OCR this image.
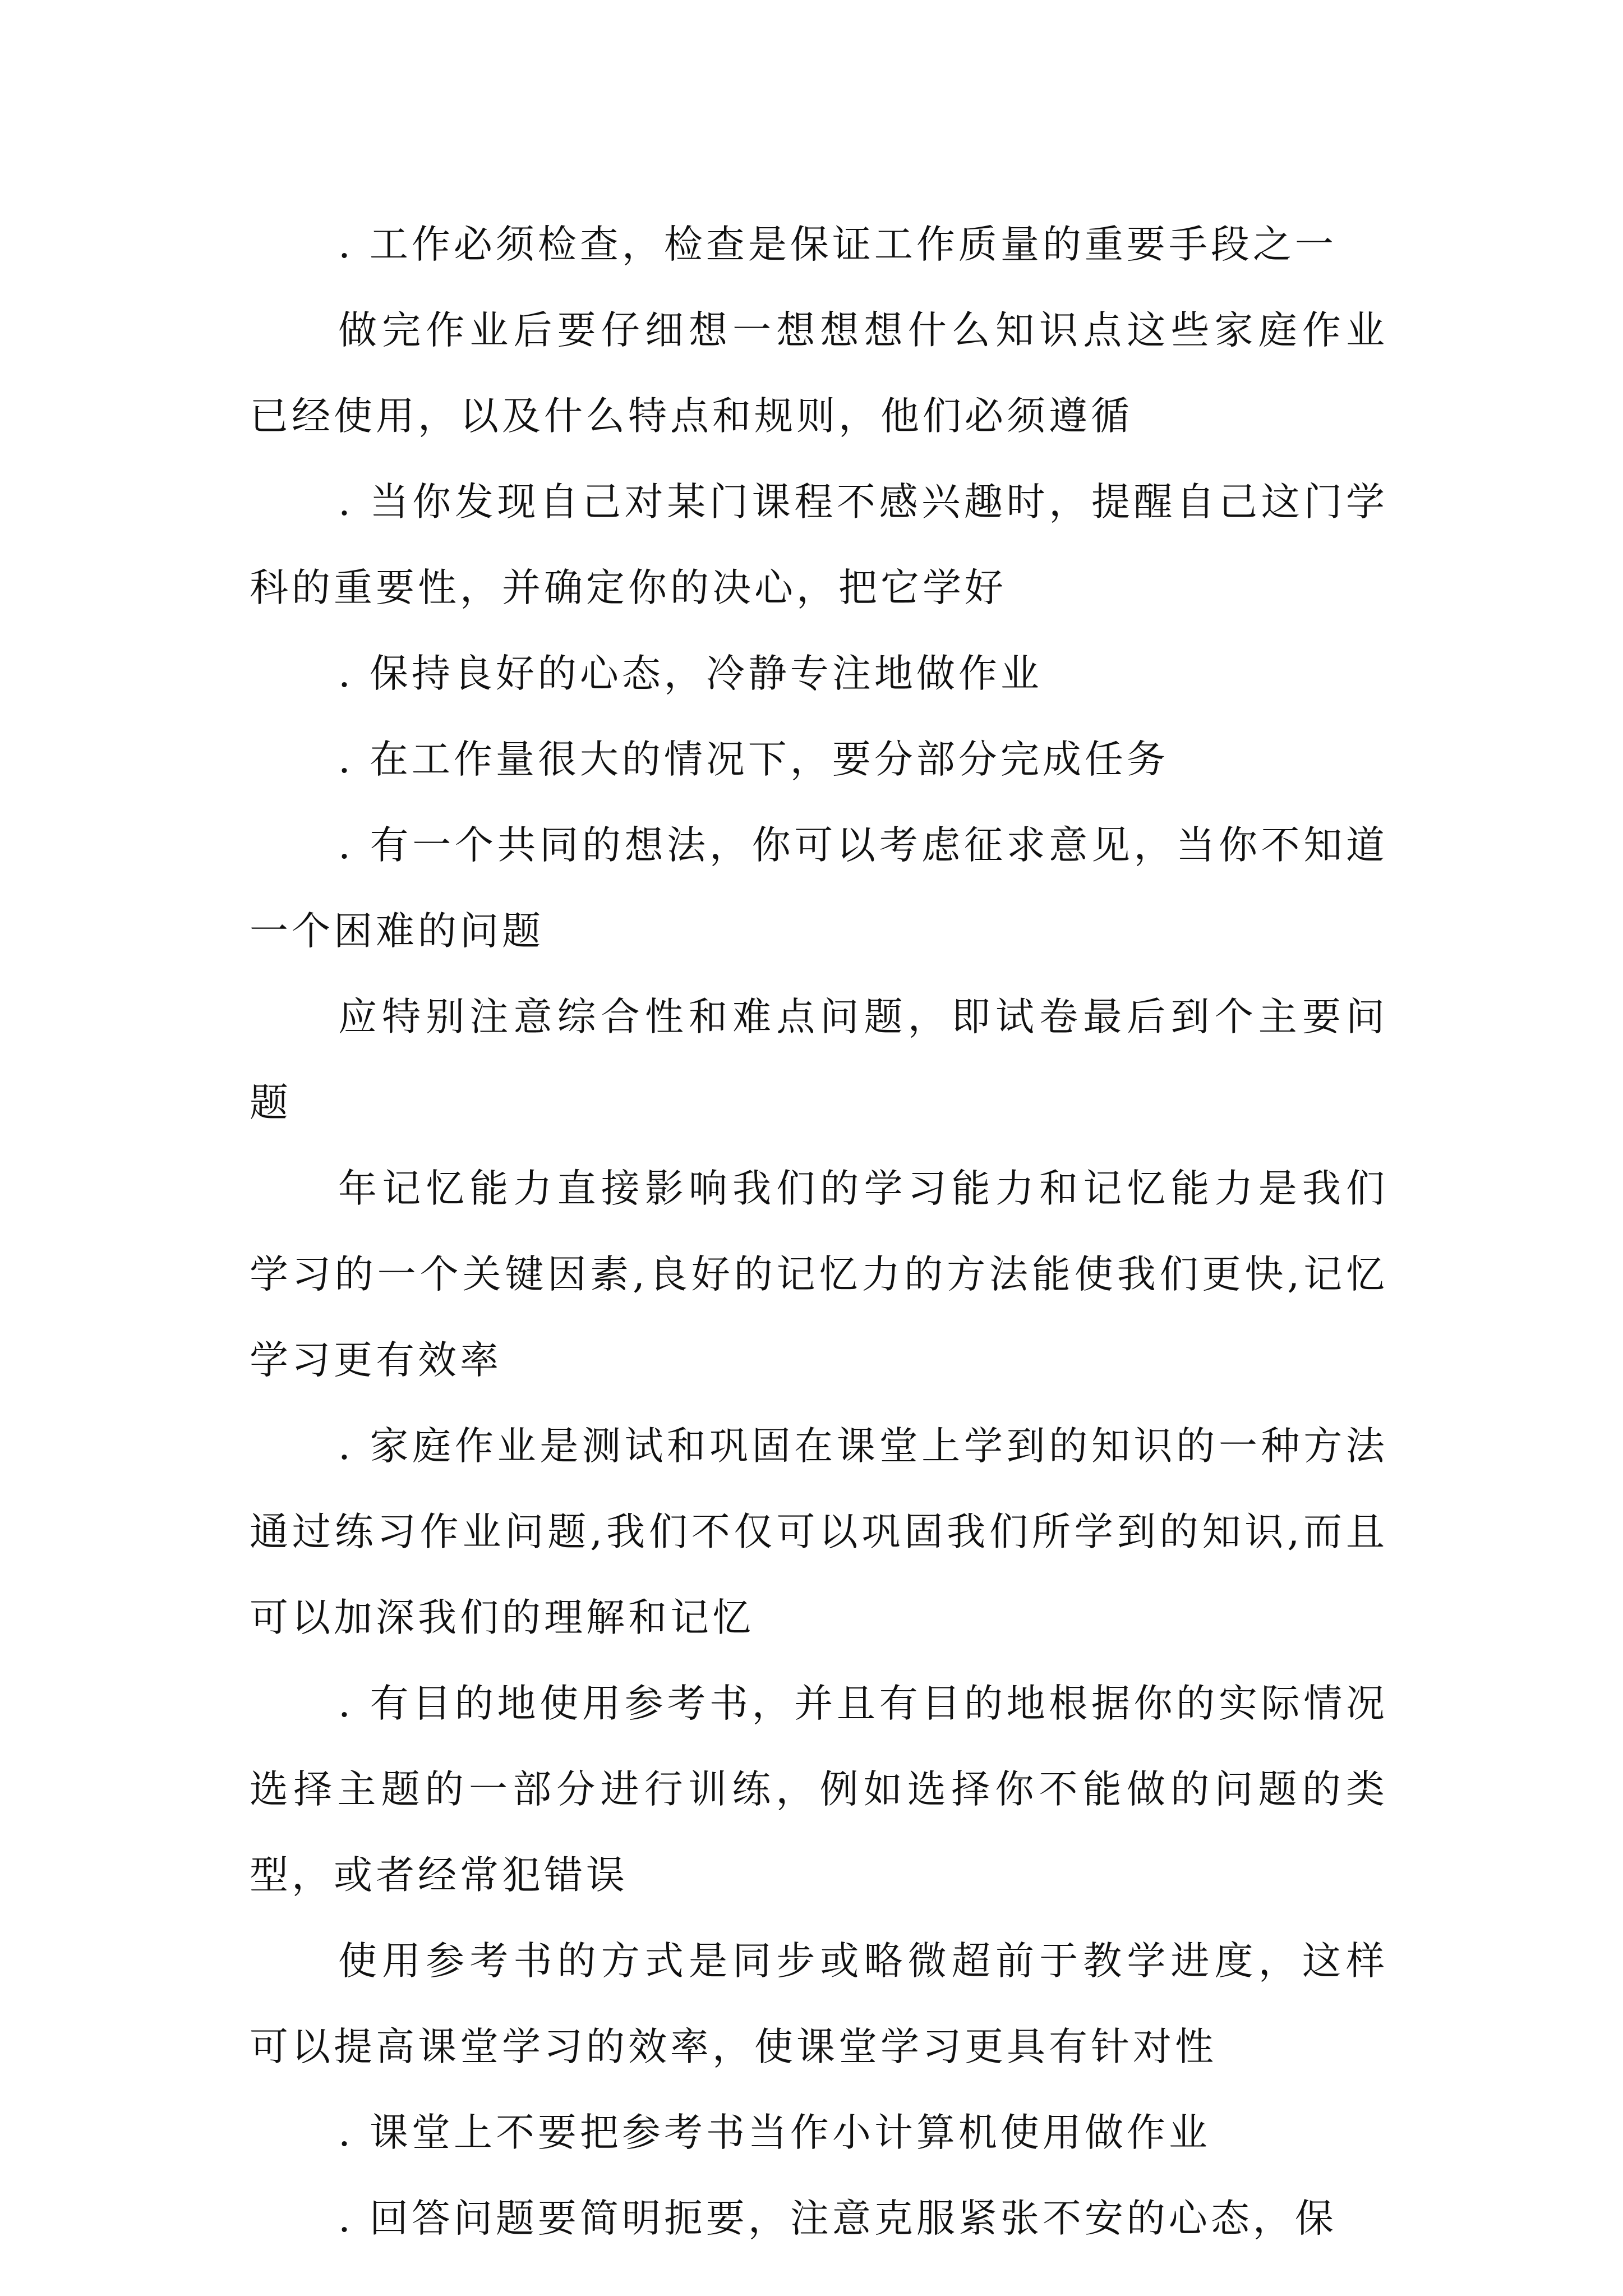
. 工作必须检查，检查是保证工作质量的重要手段之一

做完作业后要仔细想一想想想什么知识点这些家庭作业已经使用，以及什么特点和规则，他们必须遵循

. 当你发现自己对某门课程不感兴趣时，提醒自己这门学科的重要性，并确定你的决心，把它学好

. 保持良好的心态，冷静专注地做作业

. 在工作量很大的情况下，要分部分完成任务

. 有一个共同的想法，你可以考虑征求意见，当你不知道一个困难的问题

应特别注意综合性和难点问题，即试卷最后到个主要问题

年记忆能力直接影响我们的学习能力和记忆能力是我们学习的一个关键因素,良好的记忆力的方法能使我们更快,记忆学习更有效率

. 家庭作业是测试和巩固在课堂上学到的知识的一种方法通过练习作业问题,我们不仅可以巩固我们所学到的知识,而且可以加深我们的理解和记忆

. 有目的地使用参考书，并且有目的地根据你的实际情况选择主题的一部分进行训练，例如选择你不能做的问题的类型，或者经常犯错误

使用参考书的方式是同步或略微超前于教学进度，这样可以提高课堂学习的效率，使课堂学习更具有针对性

. 课堂上不要把参考书当作小计算机使用做作业

. 回答问题要简明扼要，注意克服紧张不安的心态，保
